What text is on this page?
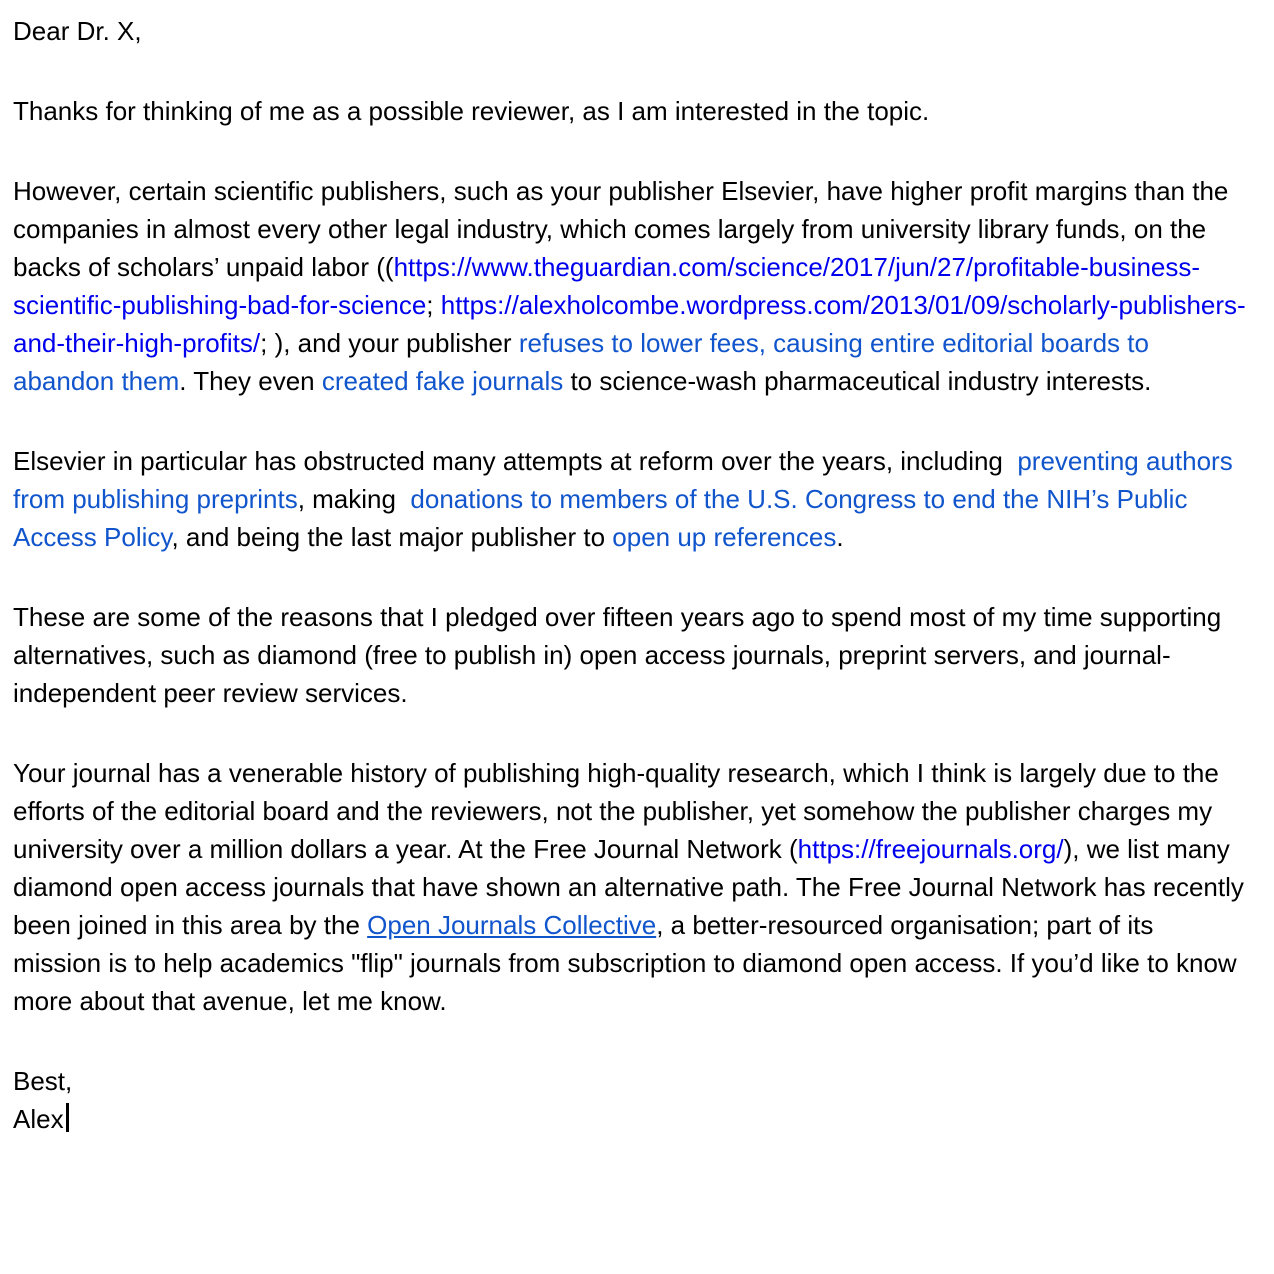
Dear Dr. X,
Thanks for thinking of me as a possible reviewer, as I am interested in the topic.
However, certain scientific publishers, such as your publisher Elsevier, have higher profit margins than the companies in almost every other legal industry, which comes largely from university library funds, on the backs of scholars’ unpaid labor ((https://www.theguardian.com/science/2017/jun/27/profitable-business-scientific-publishing-bad-for-science; https://alexholcombe.wordpress.com/2013/01/09/scholarly-publishers-and-their-high-profits/; ), and your publisher refuses to lower fees, causing entire editorial boards to abandon them. They even created fake journals to science-wash pharmaceutical industry interests.
Elsevier in particular has obstructed many attempts at reform over the years, including  preventing authors from publishing preprints, making  donations to members of the U.S. Congress to end the NIH’s Public Access Policy, and being the last major publisher to open up references.
These are some of the reasons that I pledged over fifteen years ago to spend most of my time supporting alternatives, such as diamond (free to publish in) open access journals, preprint servers, and journal-independent peer review services.
Your journal has a venerable history of publishing high-quality research, which I think is largely due to the efforts of the editorial board and the reviewers, not the publisher, yet somehow the publisher charges my university over a million dollars a year. At the Free Journal Network (https://freejournals.org/), we list many diamond open access journals that have shown an alternative path. The Free Journal Network has recently been joined in this area by the Open Journals Collective, a better-resourced organisation; part of its mission is to help academics "flip" journals from subscription to diamond open access. If you’d like to know more about that avenue, let me know.
Best,
Alex
